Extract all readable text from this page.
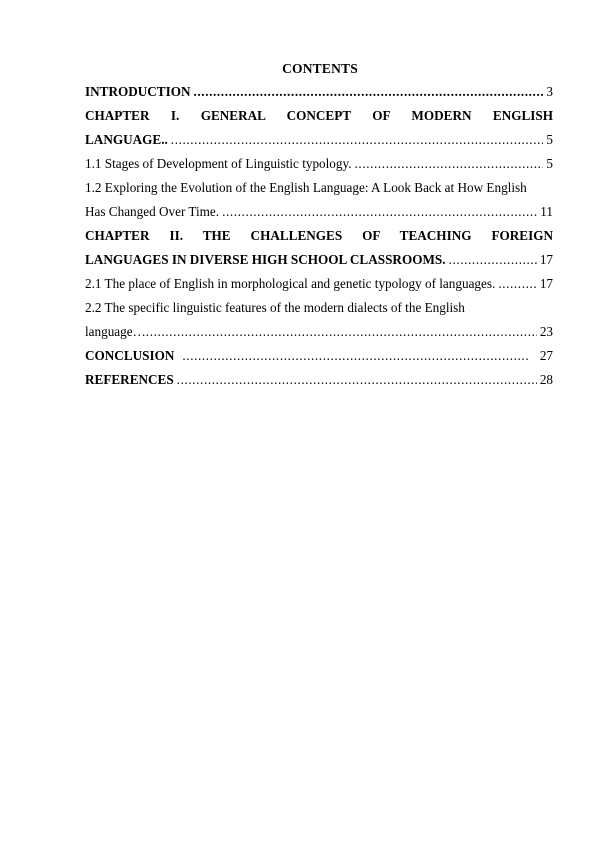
CONTENTS
INTRODUCTION .....	3
CHAPTER I. GENERAL CONCEPT OF MODERN ENGLISH
LANGUAGE.. .....	5
1.1 Stages of Development of Linguistic typology. .....	5
1.2 Exploring the Evolution of the English Language: A Look Back at How English
Has Changed Over Time. .....	11
CHAPTER II. THE CHALLENGES OF TEACHING FOREIGN
LANGUAGES IN DIVERSE HIGH SCHOOL CLASSROOMS. .....	17
2.1 The place of English in morphological and genetic typology of languages. .....	17
2.2 The specific linguistic features of the modern dialects of the English
language… .....	23
CONCLUSION .....	27
REFERENCES .....	28
